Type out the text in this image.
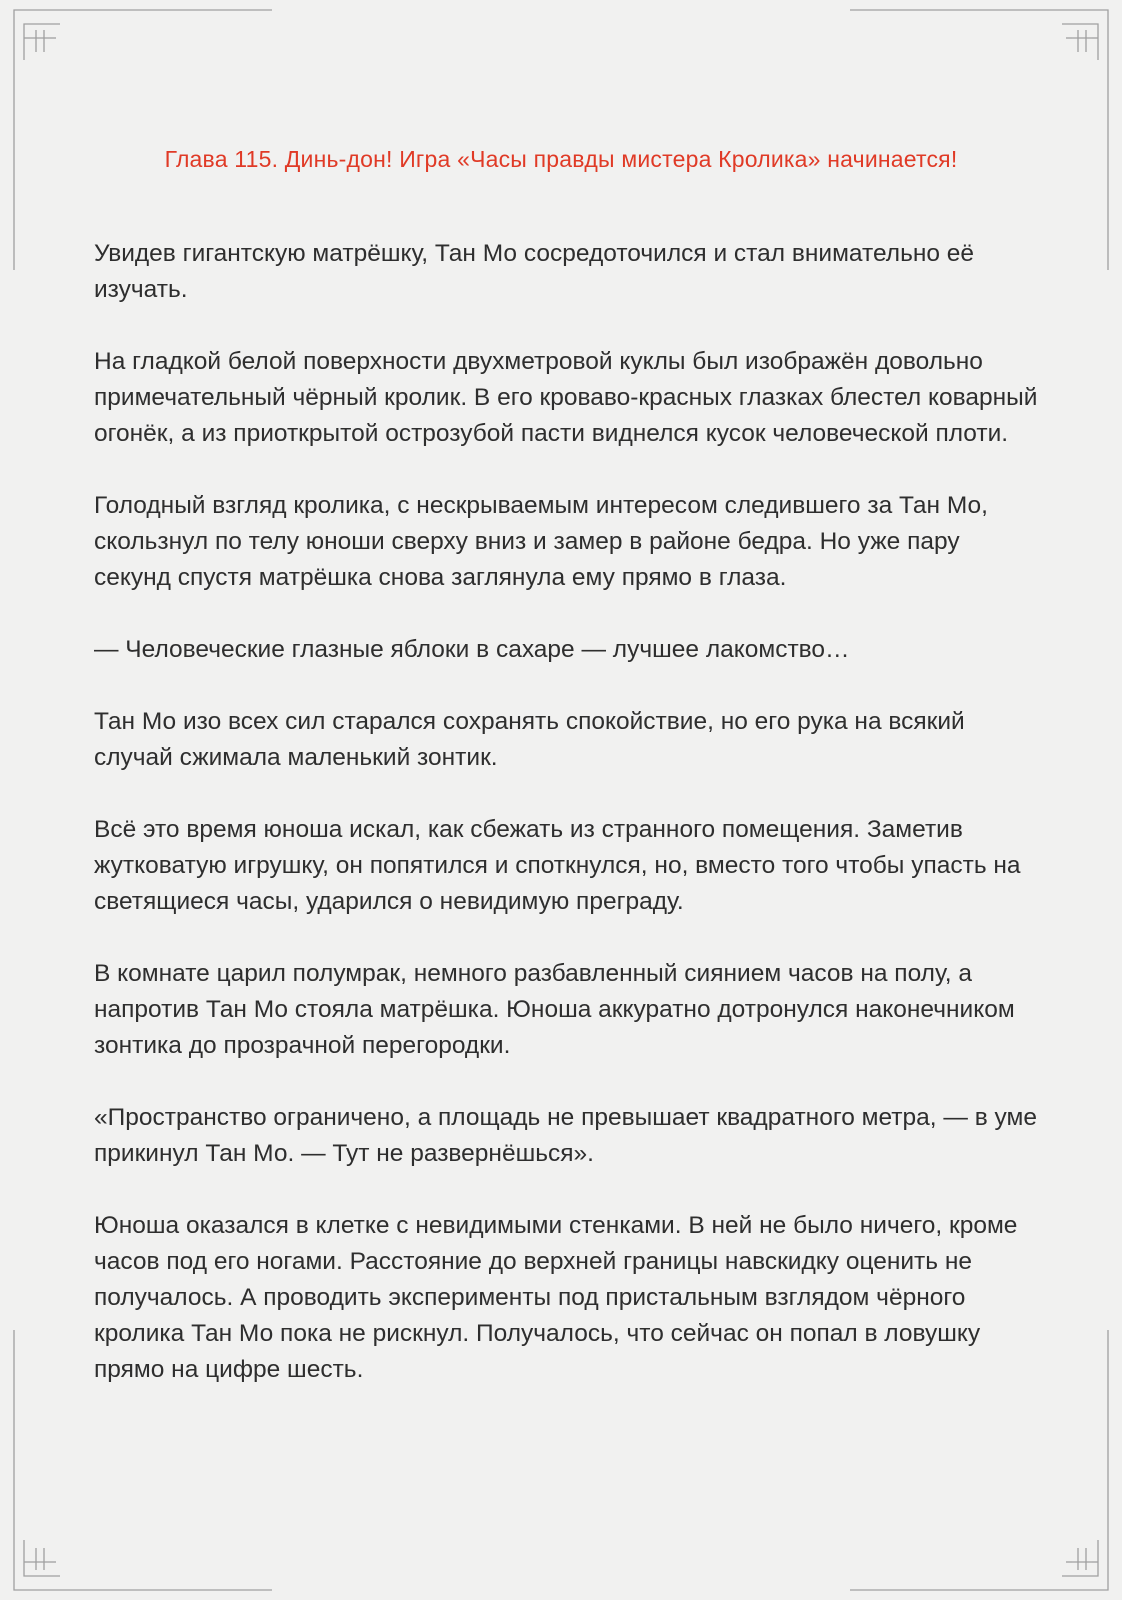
Глава 115. Динь-дон! Игра «Часы правды мистера Кролика» начинается!

Увидев гигантскую матрёшку, Тан Мо сосредоточился и стал внимательно её изучать.

На гладкой белой поверхности двухметровой куклы был изображён довольно примечательный чёрный кролик. В его кроваво-красных глазках блестел коварный огонёк, а из приоткрытой острозубой пасти виднелся кусок человеческой плоти.

Голодный взгляд кролика, с нескрываемым интересом следившего за Тан Мо, скользнул по телу юноши сверху вниз и замер в районе бедра. Но уже пару секунд спустя матрёшка снова заглянула ему прямо в глаза.

— Человеческие глазные яблоки в сахаре — лучшее лакомство…

Тан Мо изо всех сил старался сохранять спокойствие, но его рука на всякий случай сжимала маленький зонтик.

Всё это время юноша искал, как сбежать из странного помещения. Заметив жутковатую игрушку, он попятился и споткнулся, но, вместо того чтобы упасть на светящиеся часы, ударился о невидимую преграду.

В комнате царил полумрак, немного разбавленный сиянием часов на полу, а напротив Тан Мо стояла матрёшка. Юноша аккуратно дотронулся наконечником зонтика до прозрачной перегородки.

«Пространство ограничено, а площадь не превышает квадратного метра, — в уме прикинул Тан Мо. — Тут не развернёшься».

Юноша оказался в клетке с невидимыми стенками. В ней не было ничего, кроме часов под его ногами. Расстояние до верхней границы навскидку оценить не получалось. А проводить эксперименты под пристальным взглядом чёрного кролика Тан Мо пока не рискнул. Получалось, что сейчас он попал в ловушку прямо на цифре шесть.
